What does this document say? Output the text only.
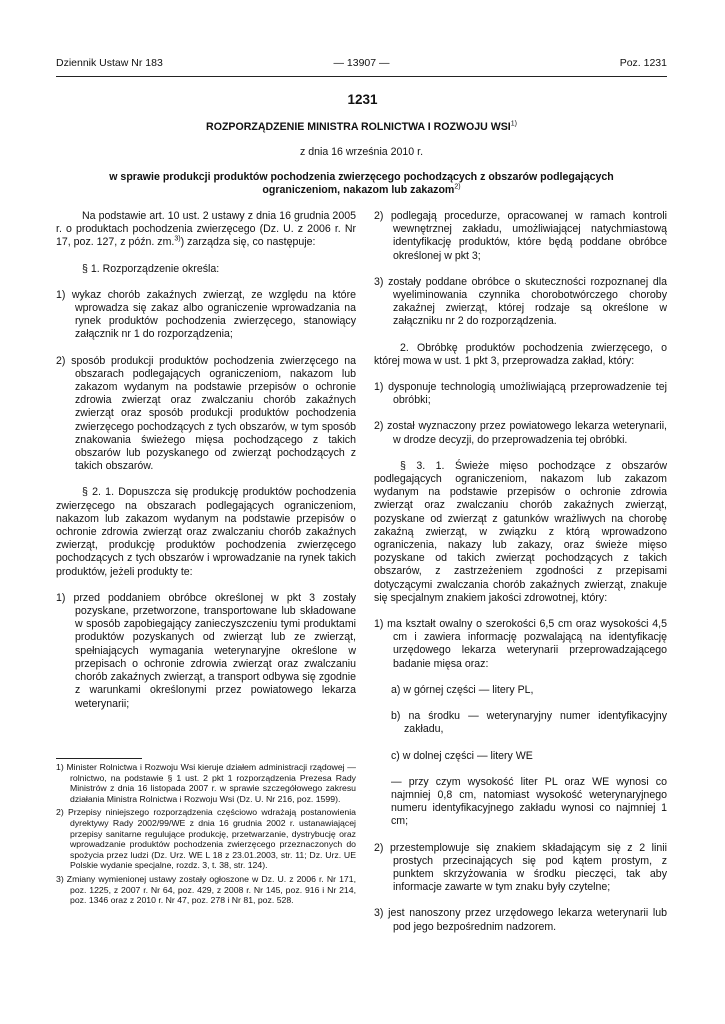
Dziennik Ustaw Nr 183	— 13907 —	Poz. 1231
1231
ROZPORZĄDZENIE MINISTRA ROLNICTWA I ROZWOJU WSI$^{1)}$
z dnia 16 września 2010 r.
w sprawie produkcji produktów pochodzenia zwierzęcego pochodzących z obszarów podlegających
ograniczeniom, nakazom lub zakazom$^{2)}$

Na podstawie art. 10 ust. 2 ustawy z dnia 16 grudnia 2005 r. o produktach pochodzenia zwierzęcego (Dz. U. z 2006 r. Nr 17, poz. 127, z późn. zm.$^{3)}$) zarządza się, co następuje:

§ 1. Rozporządzenie określa:

1) wykaz chorób zakaźnych zwierząt, ze względu na które wprowadza się zakaz albo ograniczenie wprowadzania na rynek produktów pochodzenia zwierzęcego, stanowiący załącznik nr 1 do rozporządzenia;

2) sposób produkcji produktów pochodzenia zwierzęcego na obszarach podlegających ograniczeniom, nakazom lub zakazom wydanym na podstawie przepisów o ochronie zdrowia zwierząt oraz zwalczaniu chorób zakaźnych zwierząt oraz sposób produkcji produktów pochodzenia zwierzęcego pochodzących z tych obszarów, w tym sposób znakowania świeżego mięsa pochodzącego z takich obszarów lub pozyskanego od zwierząt pochodzących z takich obszarów.

§ 2. 1. Dopuszcza się produkcję produktów pochodzenia zwierzęcego na obszarach podlegających ograniczeniom, nakazom lub zakazom wydanym na podstawie przepisów o ochronie zdrowia zwierząt oraz zwalczaniu chorób zakaźnych zwierząt, produkcję produktów pochodzenia zwierzęcego pochodzących z tych obszarów i wprowadzanie na rynek takich produktów, jeżeli produkty te:

1) przed poddaniem obróbce określonej w pkt 3 zostały pozyskane, przetworzone, transportowane lub składowane w sposób zapobiegający zanieczyszczeniu tymi produktami produktów pozyskanych od zwierząt lub ze zwierząt, spełniających wymagania weterynaryjne określone w przepisach o ochronie zdrowia zwierząt oraz zwalczaniu chorób zakaźnych zwierząt, a transport odbywa się zgodnie z warunkami określonymi przez powiatowego lekarza weterynarii;

1) Minister Rolnictwa i Rozwoju Wsi kieruje działem administracji rządowej — rolnictwo, na podstawie § 1 ust. 2 pkt 1 rozporządzenia Prezesa Rady Ministrów z dnia 16 listopada 2007 r. w sprawie szczegółowego zakresu działania Ministra Rolnictwa i Rozwoju Wsi (Dz. U. Nr 216, poz. 1599).

2) Przepisy niniejszego rozporządzenia częściowo wdrażają postanowienia dyrektywy Rady 2002/99/WE z dnia 16 grudnia 2002 r. ustanawiającej przepisy sanitarne regulujące produkcję, przetwarzanie, dystrybucję oraz wprowadzanie produktów pochodzenia zwierzęcego przeznaczonych do spożycia przez ludzi (Dz. Urz. WE L 18 z 23.01.2003, str. 11; Dz. Urz. UE Polskie wydanie specjalne, rozdz. 3, t. 38, str. 124).

3) Zmiany wymienionej ustawy zostały ogłoszone w Dz. U. z 2006 r. Nr 171, poz. 1225, z 2007 r. Nr 64, poz. 429, z 2008 r. Nr 145, poz. 916 i Nr 214, poz. 1346 oraz z 2010 r. Nr 47, poz. 278 i Nr 81, poz. 528.

2) podlegają procedurze, opracowanej w ramach kontroli wewnętrznej zakładu, umożliwiającej natychmiastową identyfikację produktów, które będą poddane obróbce określonej w pkt 3;

3) zostały poddane obróbce o skuteczności rozpoznanej dla wyeliminowania czynnika chorobotwórczego choroby zakaźnej zwierząt, której rodzaje są określone w załączniku nr 2 do rozporządzenia.

2. Obróbkę produktów pochodzenia zwierzęcego, o której mowa w ust. 1 pkt 3, przeprowadza zakład, który:

1) dysponuje technologią umożliwiającą przeprowadzenie tej obróbki;

2) został wyznaczony przez powiatowego lekarza weterynarii, w drodze decyzji, do przeprowadzenia tej obróbki.

§ 3. 1. Świeże mięso pochodzące z obszarów podlegających ograniczeniom, nakazom lub zakazom wydanym na podstawie przepisów o ochronie zdrowia zwierząt oraz zwalczaniu chorób zakaźnych zwierząt, pozyskane od zwierząt z gatunków wrażliwych na chorobę zakaźną zwierząt, w związku z którą wprowadzono ograniczenia, nakazy lub zakazy, oraz świeże mięso pozyskane od takich zwierząt pochodzących z takich obszarów, z zastrzeżeniem zgodności z przepisami dotyczącymi zwalczania chorób zakaźnych zwierząt, znakuje się specjalnym znakiem jakości zdrowotnej, który:

1) ma kształt owalny o szerokości 6,5 cm oraz wysokości 4,5 cm i zawiera informację pozwalającą na identyfikację urzędowego lekarza weterynarii przeprowadzającego badanie mięsa oraz:

a) w górnej części — litery PL,

b) na środku — weterynaryjny numer identyfikacyjny zakładu,

c) w dolnej części — litery WE

— przy czym wysokość liter PL oraz WE wynosi co najmniej 0,8 cm, natomiast wysokość weterynaryjnego numeru identyfikacyjnego zakładu wynosi co najmniej 1 cm;

2) przestemplowuje się znakiem składającym się z 2 linii prostych przecinających się pod kątem prostym, z punktem skrzyżowania w środku pieczęci, tak aby informacje zawarte w tym znaku były czytelne;

3) jest nanoszony przez urzędowego lekarza weterynarii lub pod jego bezpośrednim nadzorem.
